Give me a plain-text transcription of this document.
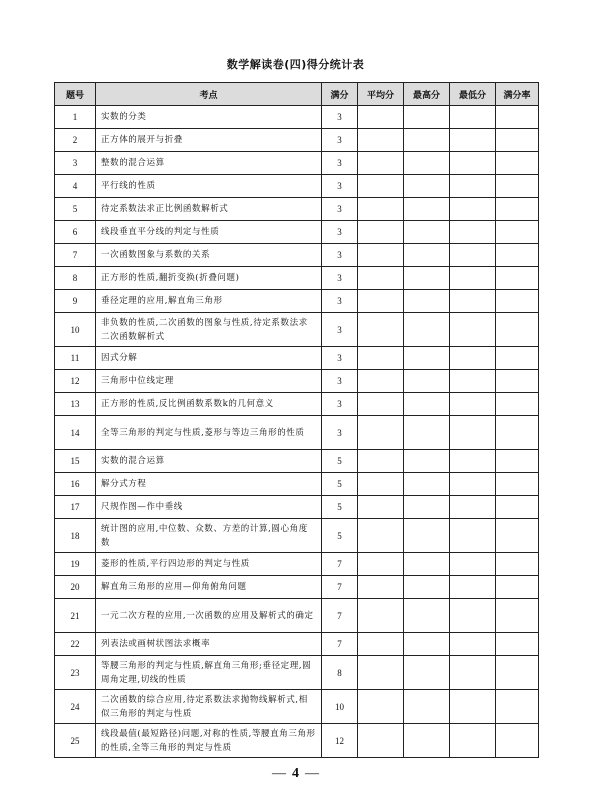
数学解读卷(四)得分统计表
题号	考点	满分	平均分	最高分	最低分	满分率
1	实数的分类	3				
2	正方体的展开与折叠	3				
3	整数的混合运算	3				
4	平行线的性质	3				
5	待定系数法求正比例函数解析式	3				
6	线段垂直平分线的判定与性质	3				
7	一次函数图象与系数的关系	3				
8	正方形的性质,翻折变换(折叠问题)	3				
9	垂径定理的应用,解直角三角形	3				
10	非负数的性质,二次函数的图象与性质,待定系数法求二次函数解析式	3				
11	因式分解	3				
12	三角形中位线定理	3				
13	正方形的性质,反比例函数系数k的几何意义	3				
14	全等三角形的判定与性质,菱形与等边三角形的性质	3				
15	实数的混合运算	5				
16	解分式方程	5				
17	尺规作图—作中垂线	5				
18	统计图的应用,中位数、众数、方差的计算,圆心角度数	5				
19	菱形的性质,平行四边形的判定与性质	7				
20	解直角三角形的应用—仰角俯角问题	7				
21	一元二次方程的应用,一次函数的应用及解析式的确定	7				
22	列表法或画树状图法求概率	7				
23	等腰三角形的判定与性质,解直角三角形;垂径定理,圆周角定理,切线的性质	8				
24	二次函数的综合应用,待定系数法求抛物线解析式,相似三角形的判定与性质	10				
25	线段最值(最短路径)问题,对称的性质,等腰直角三角形的性质,全等三角形的判定与性质	12				
— 4 —
